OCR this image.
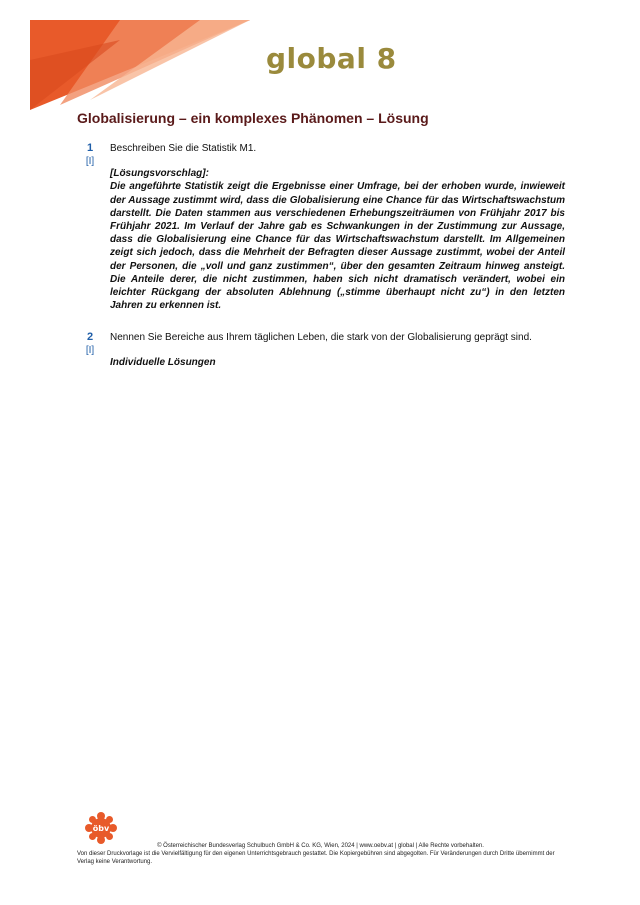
global 8
Globalisierung – ein komplexes Phänomen – Lösung
1
[I]

Beschreiben Sie die Statistik M1.

[Lösungsvorschlag]:

Die angeführte Statistik zeigt die Ergebnisse einer Umfrage, bei der erhoben wurde, inwieweit der Aussage zustimmt wird, dass die Globalisierung eine Chance für das Wirtschaftswachstum darstellt. Die Daten stammen aus verschiedenen Erhebungszeiträumen von Frühjahr 2017 bis Frühjahr 2021. Im Verlauf der Jahre gab es Schwankungen in der Zustimmung zur Aussage, dass die Globalisierung eine Chance für das Wirtschaftswachstum darstellt. Im Allgemeinen zeigt sich jedoch, dass die Mehrheit der Befragten dieser Aussage zustimmt, wobei der Anteil der Personen, die „voll und ganz zustimmen“, über den gesamten Zeitraum hinweg ansteigt. Die Anteile derer, die nicht zustimmen, haben sich nicht dramatisch verändert, wobei ein leichter Rückgang der absoluten Ablehnung („stimme überhaupt nicht zu“) in den letzten Jahren zu erkennen ist.

2
[I]

Nennen Sie Bereiche aus Ihrem täglichen Leben, die stark von der Globalisierung geprägt sind.

Individuelle Lösungen

öbv
© Österreichischer Bundesverlag Schulbuch GmbH & Co. KG, Wien, 2024 | www.oebv.at | global | Alle Rechte vorbehalten.
Von dieser Druckvorlage ist die Vervielfältigung für den eigenen Unterrichtsgebrauch gestattet. Die Kopiergebühren sind abgegolten. Für Veränderungen durch Dritte übernimmt der Verlag keine Verantwortung.
